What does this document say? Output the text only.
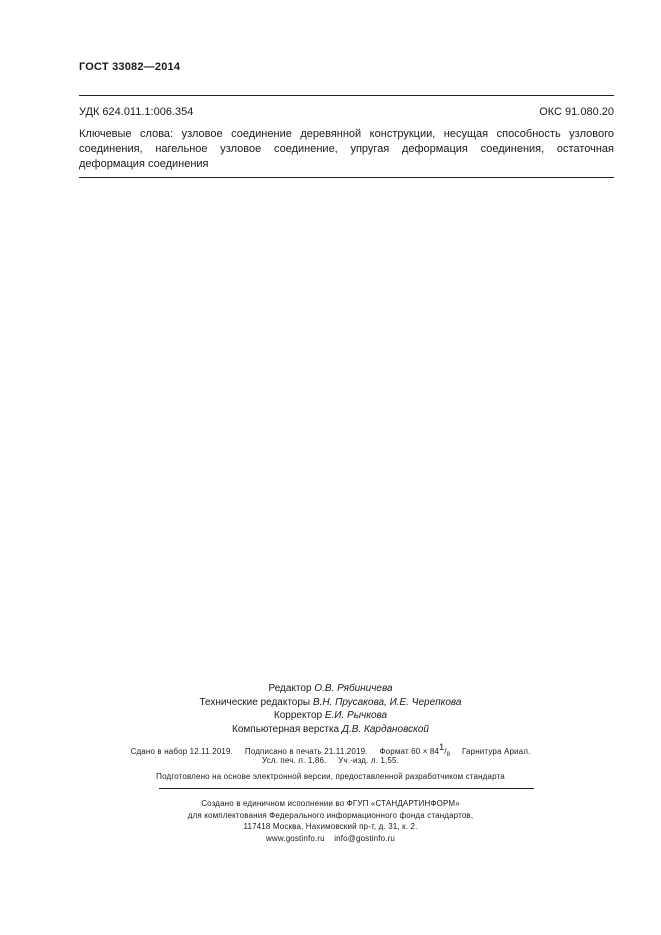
ГОСТ 33082—2014
УДК 624.011.1:006.354	ОКС 91.080.20
Ключевые слова: узловое соединение деревянной конструкции, несущая способность узлового соединения, нагельное узловое соединение, упругая деформация соединения, остаточная деформация соединения
Редактор О.В. Рябиничева
Технические редакторы В.Н. Прусакова, И.Е. Черепкова
Корректор Е.И. Рычкова
Компьютерная верстка Д.В. Кардановской
Сдано в набор 12.11.2019. Подписано в печать 21.11.2019. Формат $60 \times 84^1/_8$ Гарнитура Ариал.
Усл. печ. л. 1,86. Уч.-изд. л. 1,55.
Подготовлено на основе электронной версии, предоставленной разработчиком стандарта
Создано в единичном исполнении во ФГУП «СТАНДАРТИНФОРМ»
для комплектования Федерального информационного фонда стандартов,
117418 Москва, Нахимовский пр-т, д. 31, к. 2.
www.gostinfo.ru info@gostinfo.ru
